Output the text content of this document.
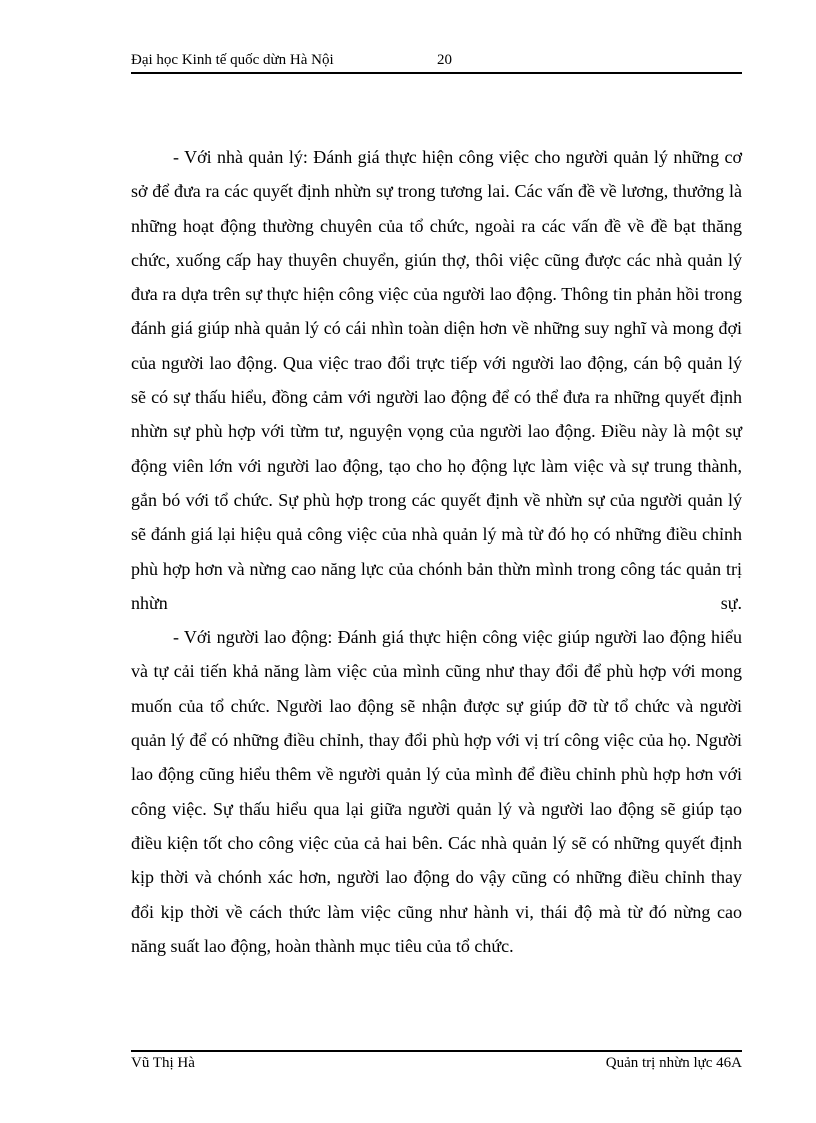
Đại học Kinh tế quốc dừn Hà Nội	20

- Với nhà quản lý: Đánh giá thực hiện công việc cho người quản lý những cơ sở để đưa ra các quyết định nhừn sự trong tương lai. Các vấn đề về lương, thưởng là những hoạt động thường chuyên của tổ chức, ngoài ra các vấn đề về đề bạt thăng chức, xuống cấp hay thuyên chuyển, giún thợ, thôi việc cũng được các nhà quản lý đưa ra dựa trên sự thực hiện công việc của người lao động. Thông tin phản hồi trong đánh giá giúp nhà quản lý có cái nhìn toàn diện hơn về những suy nghĩ và mong đợi của người lao động. Qua việc trao đổi trực tiếp với người lao động, cán bộ quản lý sẽ có sự thấu hiểu, đồng cảm với người lao động để có thể đưa ra những quyết định nhừn sự phù hợp với từm tư, nguyện vọng của người lao động. Điều này là một sự động viên lớn với người lao động, tạo cho họ động lực làm việc và sự trung thành, gắn bó với tổ chức. Sự phù hợp trong các quyết định về nhừn sự của người quản lý sẽ đánh giá lại hiệu quả công việc của nhà quản lý mà từ đó họ có những điều chỉnh phù hợp hơn và nừng cao năng lực của chónh bản thừn mình trong công tác quản trị nhừn sự.

- Với người lao động: Đánh giá thực hiện công việc giúp người lao động hiểu và tự cải tiến khả năng làm việc của mình cũng như thay đổi để phù hợp với mong muốn của tổ chức. Người lao động sẽ nhận được sự giúp đỡ từ tổ chức và người quản lý để có những điều chỉnh, thay đổi phù hợp với vị trí công việc của họ. Người lao động cũng hiểu thêm về người quản lý của mình để điều chỉnh phù hợp hơn với công việc. Sự thấu hiểu qua lại giữa người quản lý và người lao động sẽ giúp tạo điều kiện tốt cho công việc của cả hai bên. Các nhà quản lý sẽ có những quyết định kịp thời và chónh xác hơn, người lao động do vậy cũng có những điều chỉnh thay đổi kịp thời về cách thức làm việc cũng như hành vi, thái độ mà từ đó nừng cao năng suất lao động, hoàn thành mục tiêu của tổ chức.

Vũ Thị Hà	Quản trị nhừn lực 46A
